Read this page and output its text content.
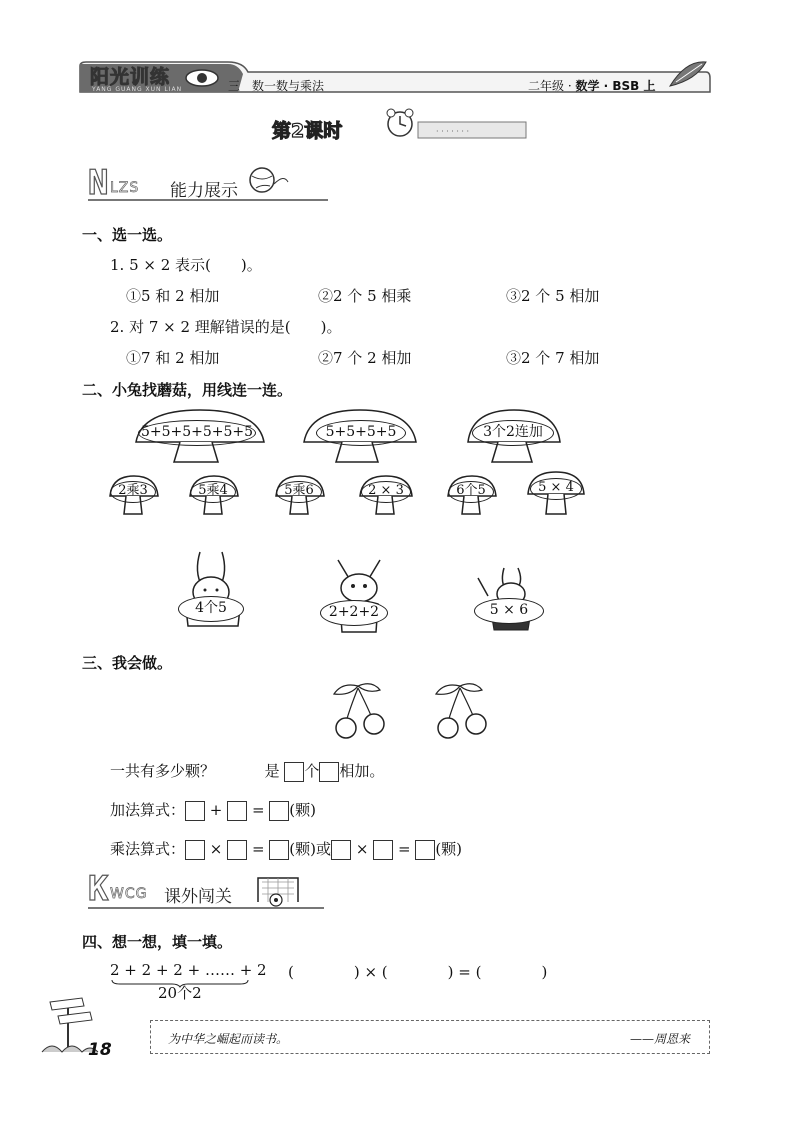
阳光训练
YANG GUANG XUN LIAN	三　数一数与乘法	二年级 · 数学 · BSB 上
· · · · · · ·
第2课时
N LZS 能力展示
一、选一选。
1. 5 × 2 表示(　　)。
①5 和 2 相加	②2 个 5 相乘	③2 个 5 相加
2. 对 7 × 2 理解错误的是(　　)。
①7 和 2 相加	②7 个 2 相加	③2 个 7 相加
二、小兔找蘑菇，用线连一连。
5+5+5+5+5+5	5+5+5+5	3个2连加
2乘3	5乘4	5乘6	2 × 3	6个5	5 × 4
4个5	2+2+2	5 × 6
三、我会做。
一共有多少颗？	是 个 相加。
加法算式： + = (颗)
乘法算式： × = (颗)或 × = (颗)
K WCG 课外闯关
四、想一想，填一填。
2 + 2 + 2 + …… + 2 (　　　　) × (　　　　) = (　　　　)
20个2
为中华之崛起而读书。	——周恩来
18
